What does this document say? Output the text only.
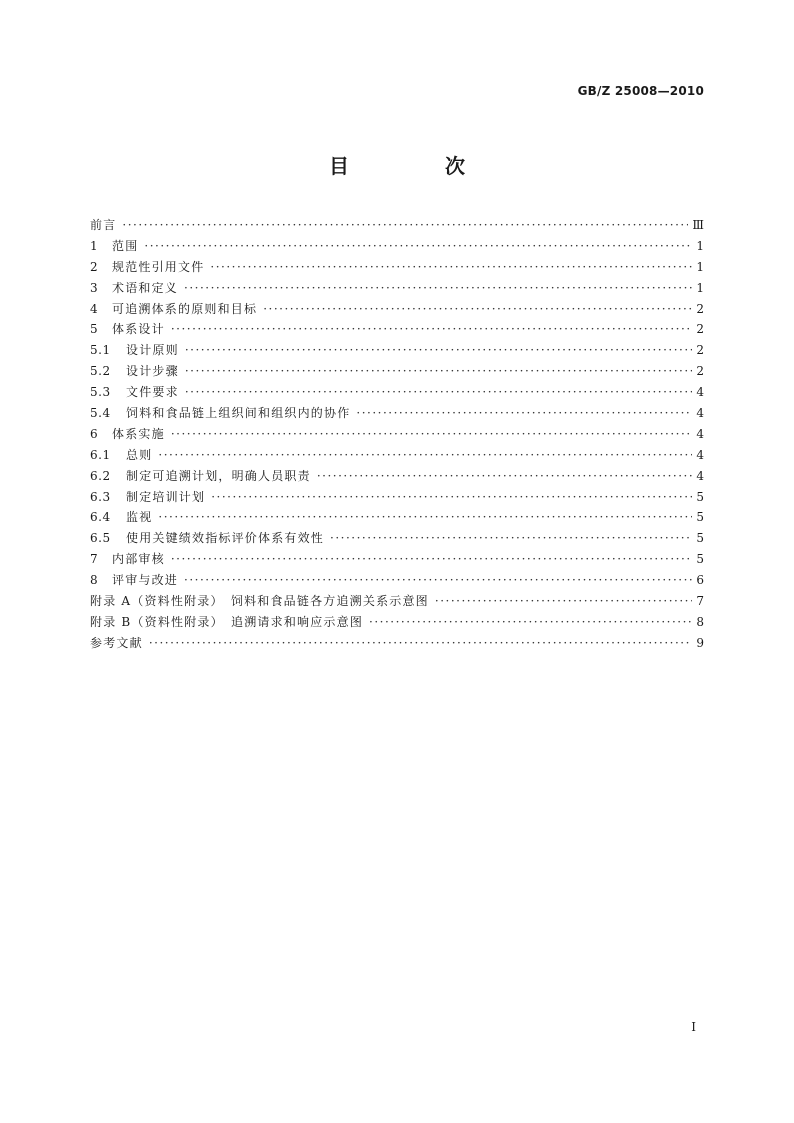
GB/Z 25008—2010
目　次
前言 ·····	Ⅲ
1	范围 ·····	1
2	规范性引用文件 ·····	1
3	术语和定义 ·····	1
4	可追溯体系的原则和目标 ·····	2
5	体系设计 ·····	2
5.1	设计原则 ·····	2
5.2	设计步骤 ·····	2
5.3	文件要求 ·····	4
5.4	饲料和食品链上组织间和组织内的协作 ·····	4
6	体系实施 ·····	4
6.1	总则 ·····	4
6.2	制定可追溯计划，明确人员职责 ·····	4
6.3	制定培训计划 ·····	5
6.4	监视 ·····	5
6.5	使用关键绩效指标评价体系有效性 ·····	5
7	内部审核 ·····	5
8	评审与改进 ·····	6
附录 A（资料性附录）　饲料和食品链各方追溯关系示意图 ·····	7
附录 B（资料性附录）　追溯请求和响应示意图 ·····	8
参考文献 ·····	9
I
